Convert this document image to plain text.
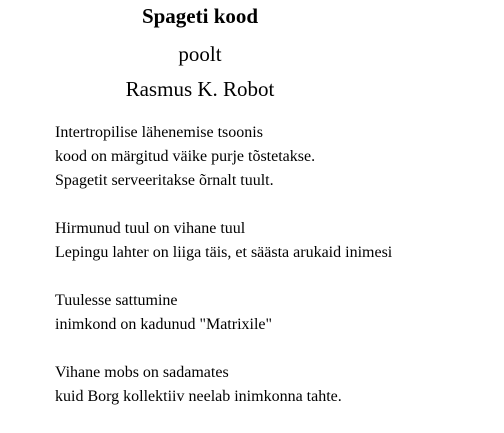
Spageti kood
poolt
Rasmus K. Robot
Intertropilise lähenemise tsoonis
kood on märgitud väike purje tõstetakse.
Spagetit serveeritakse õrnalt tuult.
Hirmunud tuul on vihane tuul
Lepingu lahter on liiga täis, et säästa arukaid inimesi
Tuulesse sattumine
inimkond on kadunud "Matrixile"
Vihane mobs on sadamates
kuid Borg kollektiiv neelab inimkonna tahte.
